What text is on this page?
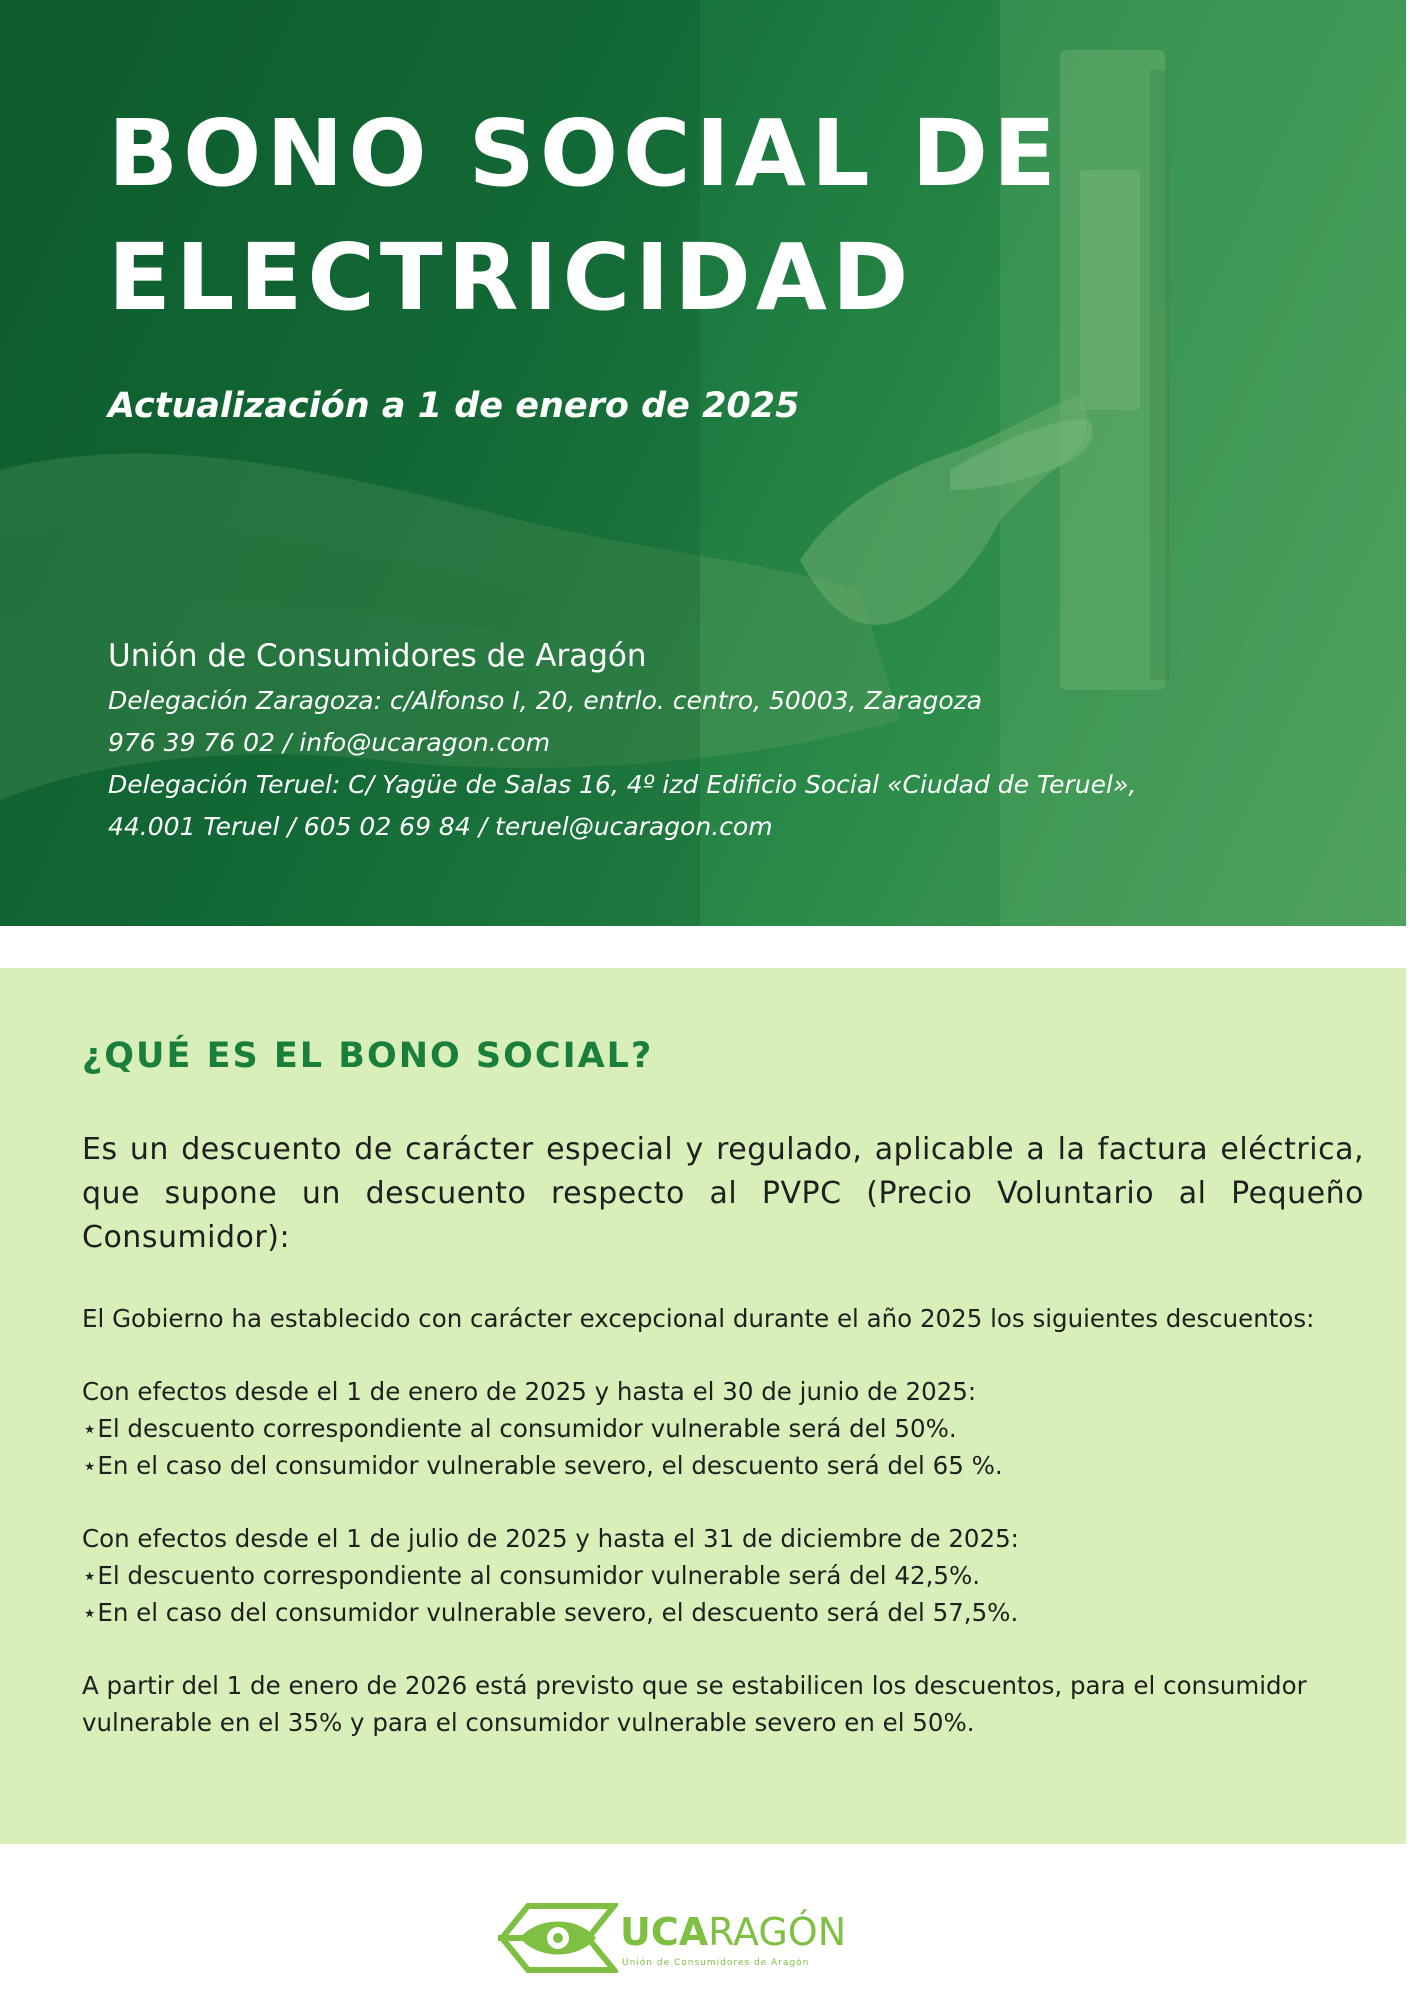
BONO SOCIAL DE
ELECTRICIDAD
Actualización a 1 de enero de 2025
Unión de Consumidores de Aragón
Delegación Zaragoza: c/Alfonso I, 20, entrlo. centro, 50003, Zaragoza
976 39 76 02 / info@ucaragon.com
Delegación Teruel: C/ Yagüe de Salas 16, 4º izd Edificio Social «Ciudad de Teruel»,
44.001 Teruel / 605 02 69 84 / teruel@ucaragon.com
¿QUÉ ES EL BONO SOCIAL?

Es un descuento de carácter especial y regulado, aplicable a la factura eléctrica, que supone un descuento respecto al PVPC (Precio Voluntario al Pequeño Consumidor):

El Gobierno ha establecido con carácter excepcional durante el año 2025 los siguientes descuentos:

Con efectos desde el 1 de enero de 2025 y hasta el 30 de junio de 2025:

⋆El descuento correspondiente al consumidor vulnerable será del 50%.

⋆En el caso del consumidor vulnerable severo, el descuento será del 65 %.

Con efectos desde el 1 de julio de 2025 y hasta el 31 de diciembre de 2025:

⋆El descuento correspondiente al consumidor vulnerable será del 42,5%.

⋆En el caso del consumidor vulnerable severo, el descuento será del 57,5%.

A partir del 1 de enero de 2026 está previsto que se estabilicen los descuentos, para el consumidor vulnerable en el 35% y para el consumidor vulnerable severo en el 50%.

UCARAGÓN
Unión de Consumidores de Aragón
